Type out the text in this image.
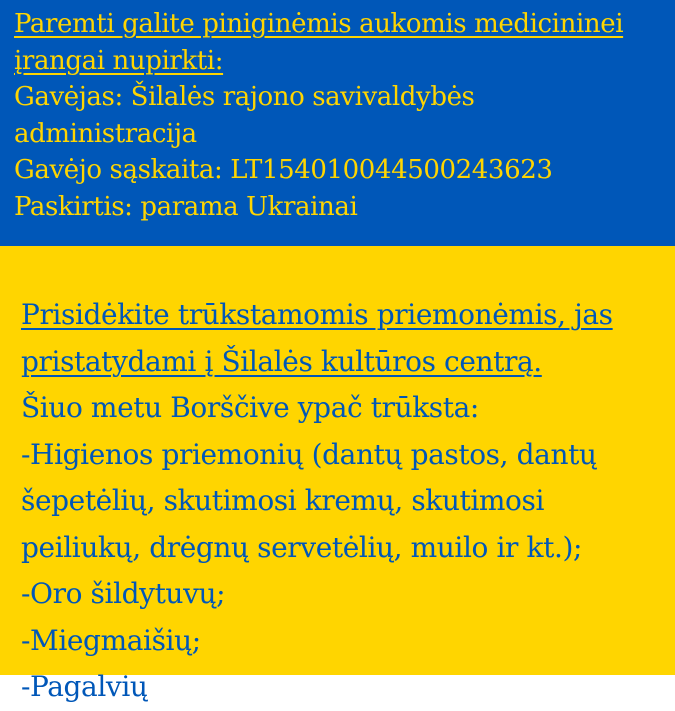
Paremti galite piniginėmis aukomis medicininei
įrangai nupirkti:
Gavėjas: Šilalės rajono savivaldybės
administracija
Gavėjo sąskaita: LT154010044500243623
Paskirtis: parama Ukrainai
Prisidėkite trūkstamomis priemonėmis, jas
pristatydami į Šilalės kultūros centrą.
Šiuo metu Borščive ypač trūksta:
-Higienos priemonių (dantų pastos, dantų
šepetėlių, skutimosi kremų, skutimosi
peiliukų, drėgnų servetėlių, muilo ir kt.);
-Oro šildytuvų;
-Miegmaišių;
-Pagalvių
